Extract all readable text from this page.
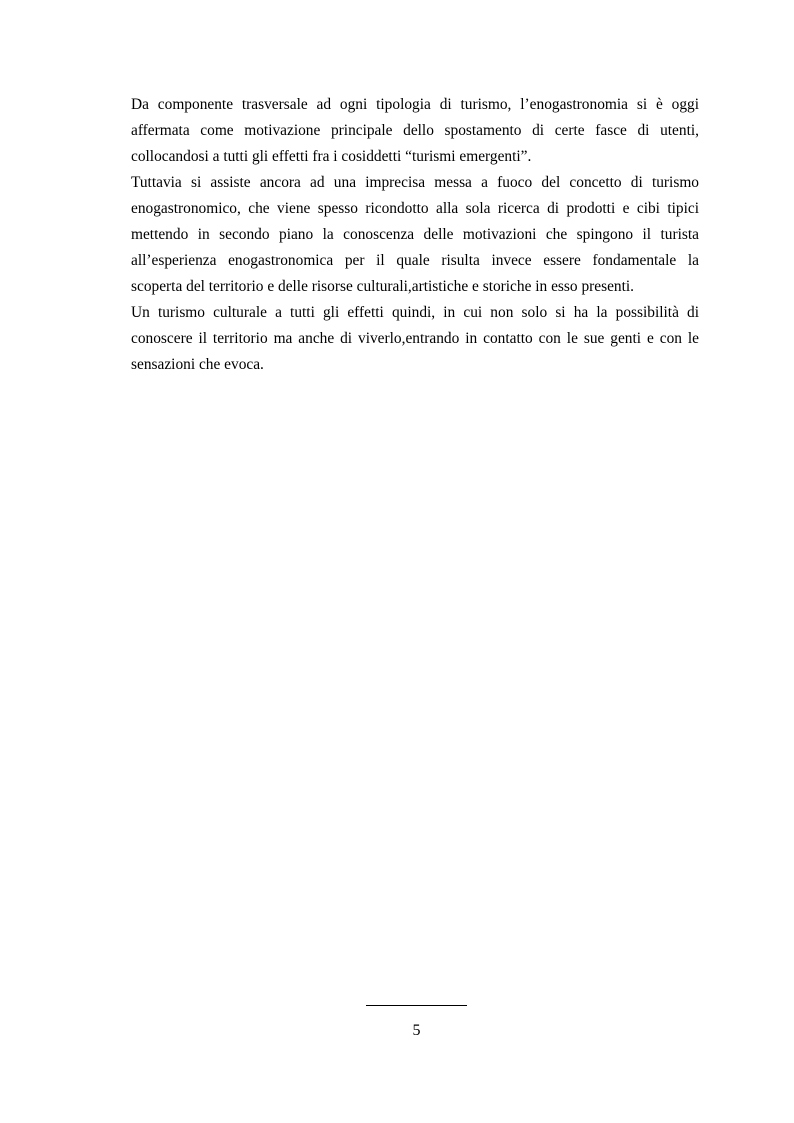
Da componente trasversale ad ogni tipologia di turismo, l’enogastronomia si è oggi
affermata come motivazione principale dello spostamento di certe fasce di utenti,
collocandosi a tutti gli effetti fra i cosiddetti “turismi emergenti”.
Tuttavia si assiste ancora ad una imprecisa messa a fuoco del concetto di turismo
enogastronomico, che viene spesso ricondotto alla sola ricerca di prodotti e cibi tipici
mettendo in secondo piano la conoscenza delle motivazioni che spingono il turista
all’esperienza enogastronomica per il quale risulta invece essere fondamentale la
scoperta del territorio e delle risorse culturali,artistiche e storiche in esso presenti.
Un turismo culturale a tutti gli effetti quindi, in cui non solo si ha la possibilità di
conoscere il territorio ma anche di viverlo,entrando in contatto con le sue genti e con le
sensazioni che evoca.
5
